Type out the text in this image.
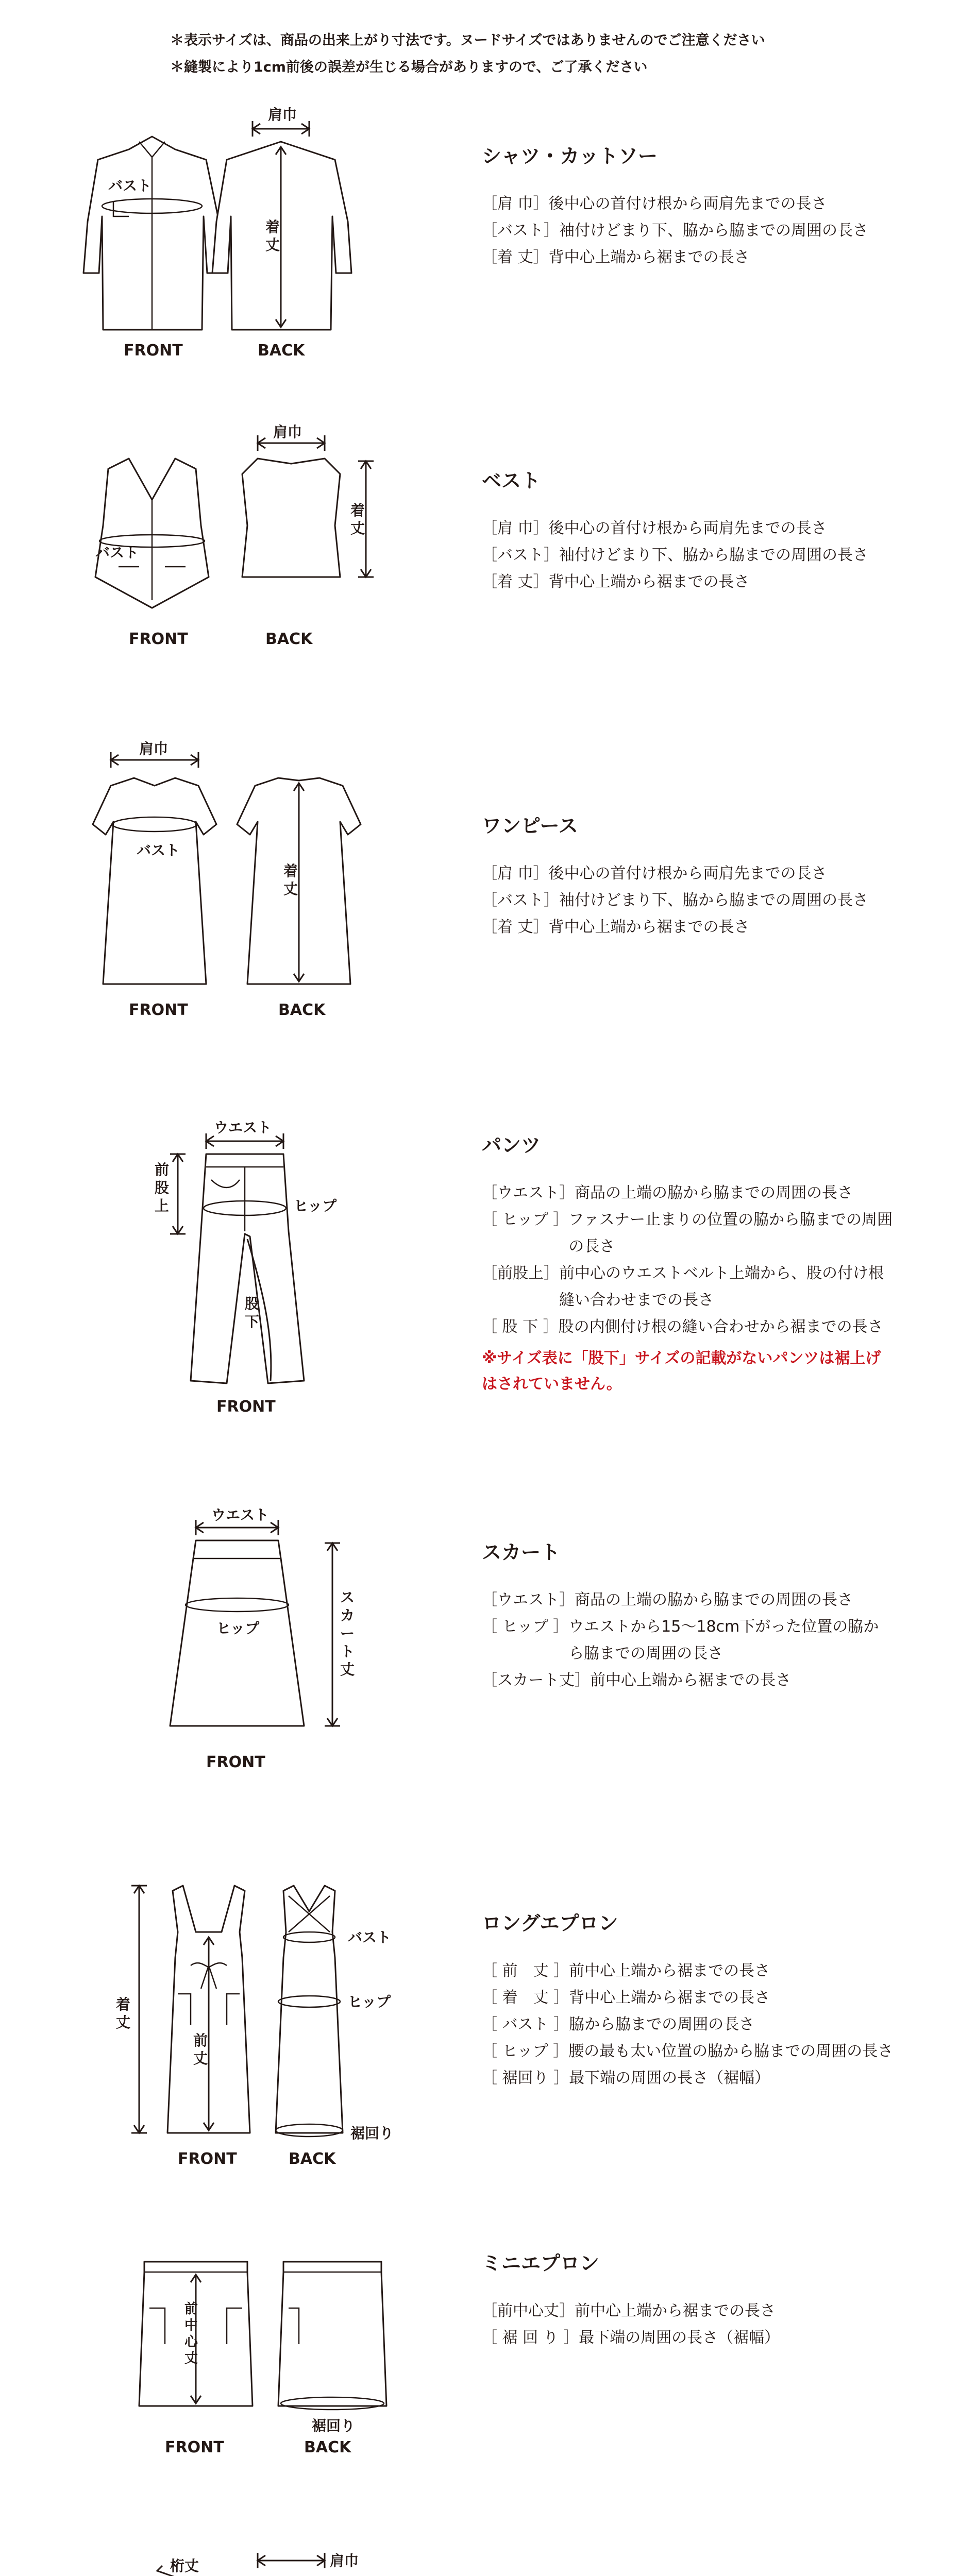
＊表示サイズは、商品の出来上がり寸法です。ヌードサイズではありませんのでご注意ください

＊縫製により1cm前後の誤差が生じる場合がありますので、ご了承ください

バスト
肩巾
着
丈
FRONT	BACK
シャツ・カットソー
［肩 巾］ 後中心の首付け根から両肩先までの長さ
［バスト］ 袖付けどまり下、脇から脇までの周囲の長さ
［着 丈］ 背中心上端から裾までの長さ
バスト
肩巾
着
丈
FRONT	BACK
ベスト
［肩 巾］ 後中心の首付け根から両肩先までの長さ
［バスト］ 袖付けどまり下、脇から脇までの周囲の長さ
［着 丈］ 背中心上端から裾までの長さ
肩巾
バスト
着
丈
FRONT	BACK
ワンピース
［肩 巾］ 後中心の首付け根から両肩先までの長さ
［バスト］ 袖付けどまり下、脇から脇までの周囲の長さ
［着 丈］ 背中心上端から裾までの長さ
ウエスト
前
股
上	ヒップ
股
下
FRONT
パンツ
［ウエスト］ 商品の上端の脇から脇までの周囲の長さ
［ ヒップ ］ ファスナー止まりの位置の脇から脇までの周囲の長さ
［前股上］ 前中心のウエストベルト上端から、股の付け根縫い合わせまでの長さ
［ 股 下 ］ 股の内側付け根の縫い合わせから裾までの長さ
※サイズ表に「股下」サイズの記載がないパンツは裾上げはされていません。
ウエスト
ヒップ
ス
カ
ー
ト
丈
FRONT
スカート
［ウエスト］ 商品の上端の脇から脇までの周囲の長さ
［ ヒップ ］ ウエストから15～18cm下がった位置の脇から脇までの周囲の長さ
［スカート丈］ 前中心上端から裾までの長さ
着
丈
前
丈
バスト
ヒップ
裾回り
FRONT	BACK
ロングエプロン
［ 前　丈 ］ 前中心上端から裾までの長さ
［ 着　丈 ］ 背中心上端から裾までの長さ
［ バスト ］ 脇から脇までの周囲の長さ
［ ヒップ ］ 腰の最も太い位置の脇から脇までの周囲の長さ
［ 裾回り ］ 最下端の周囲の長さ（裾幅）
前
中
心
丈
裾回り
FRONT	BACK
ミニエプロン
［前中心丈］ 前中心上端から裾までの長さ
［ 裾 回 り ］ 最下端の周囲の長さ（裾幅）
桁丈	肩巾
